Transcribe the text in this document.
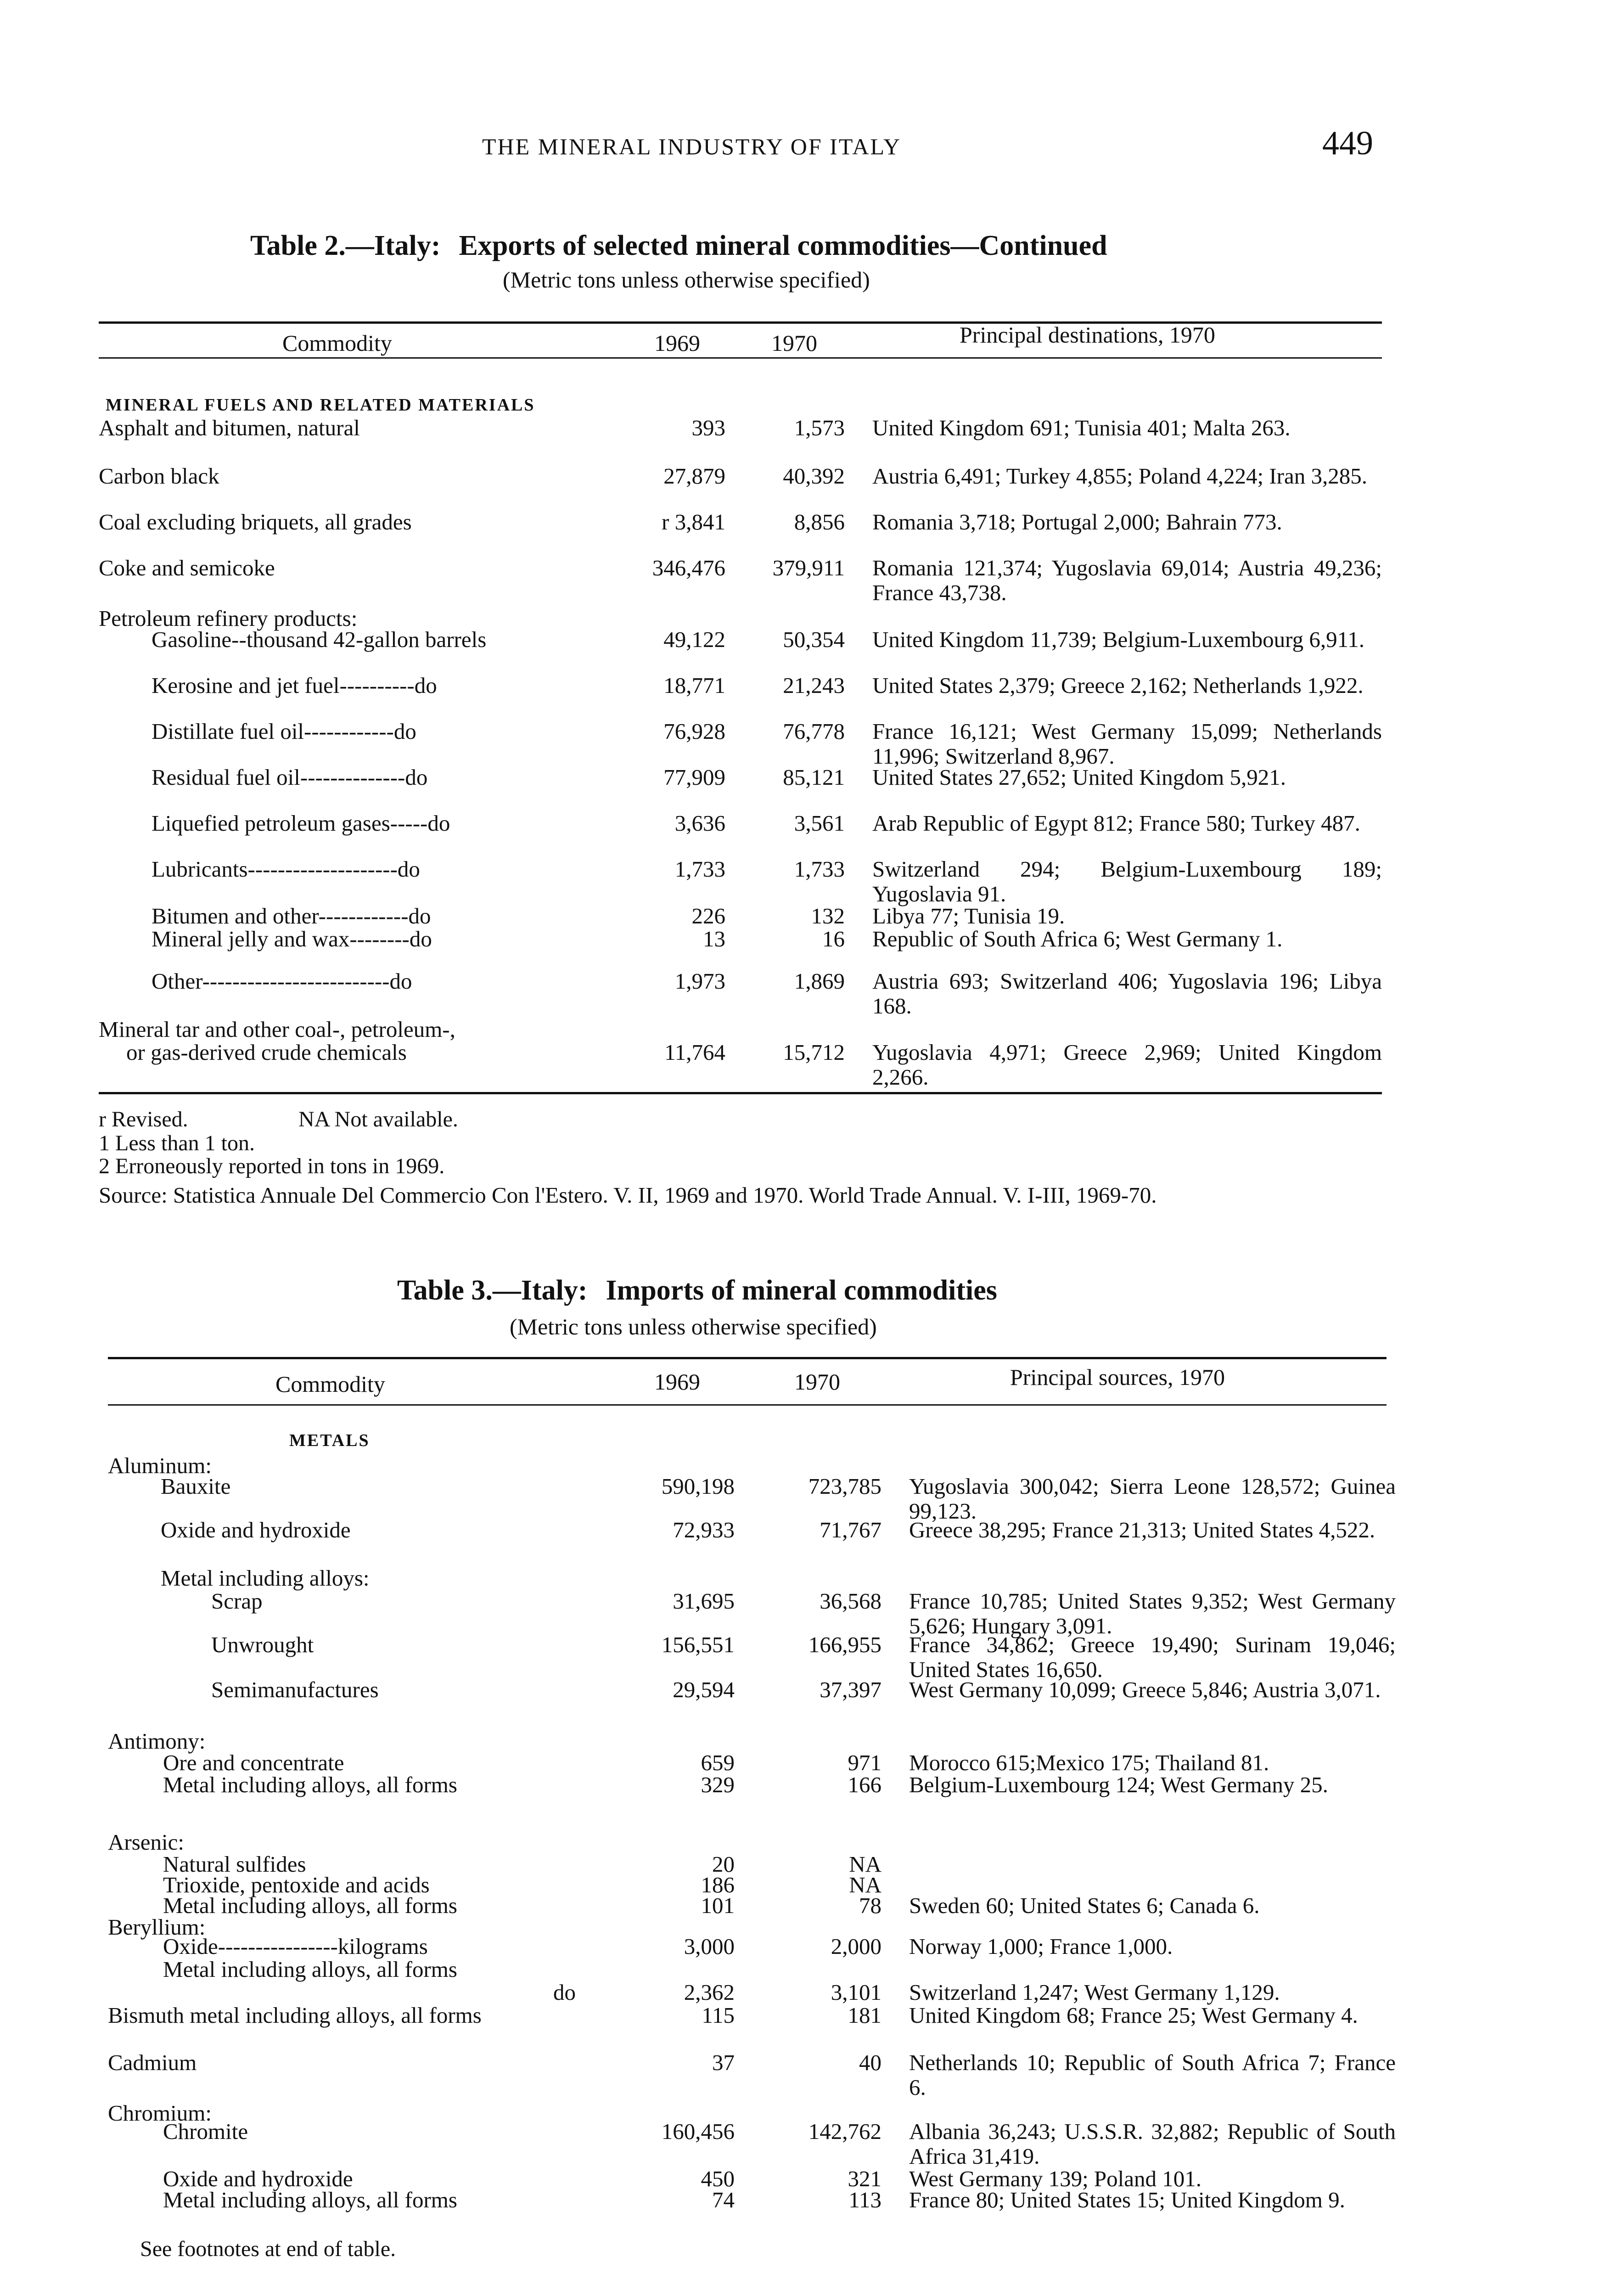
THE MINERAL INDUSTRY OF ITALY	449
Table 2.—Italy: Exports of selected mineral commodities—Continued
(Metric tons unless otherwise specified)
Commodity	1969	1970	Principal destinations, 1970
MINERAL FUELS AND RELATED MATERIALS
Asphalt and bitumen, natural	393	1,573 United Kingdom 691; Tunisia 401; Malta 263.
Carbon black	27,879	40,392 Austria 6,491; Turkey 4,855; Poland 4,224; Iran 3,285.
Coal excluding briquets, all grades	r 3,841	8,856 Romania 3,718; Portugal 2,000; Bahrain 773.
Coke and semicoke	346,476	379,911 Romania 121,374; Yugoslavia 69,014; Austria 49,236; France 43,738.
Petroleum refinery products:
Gasoline--thousand 42-gallon barrels	49,122	50,354 United Kingdom 11,739; Belgium-Luxembourg 6,911.
Kerosine and jet fuel----------do	18,771	21,243 United States 2,379; Greece 2,162; Netherlands 1,922.
Distillate fuel oil------------do	76,928	76,778 France 16,121; West Germany 15,099; Netherlands 11,996; Switzerland 8,967.
Residual fuel oil--------------do	77,909	85,121 United States 27,652; United Kingdom 5,921.
Liquefied petroleum gases-----do	3,636	3,561 Arab Republic of Egypt 812; France 580; Turkey 487.
Lubricants--------------------do	1,733	1,733 Switzerland 294; Belgium-Luxembourg 189; Yugoslavia 91.
Bitumen and other------------do	226	132 Libya 77; Tunisia 19.
Mineral jelly and wax--------do	13	16 Republic of South Africa 6; West Germany 1.
Other-------------------------do	1,973	1,869 Austria 693; Switzerland 406; Yugoslavia 196; Libya 168.
Mineral tar and other coal-, petroleum-,
or gas-derived crude chemicals	11,764	15,712 Yugoslavia 4,971; Greece 2,969; United Kingdom 2,266.
r Revised.	NA Not available.
1 Less than 1 ton.
2 Erroneously reported in tons in 1969.
Source: Statistica Annuale Del Commercio Con l'Estero. V. II, 1969 and 1970. World Trade Annual. V. I-III, 1969-70.
Table 3.—Italy: Imports of mineral commodities
(Metric tons unless otherwise specified)
Commodity	1969	1970	Principal sources, 1970
METALS
Aluminum:
Bauxite	590,198	723,785 Yugoslavia 300,042; Sierra Leone 128,572; Guinea 99,123.
Oxide and hydroxide	72,933	71,767 Greece 38,295; France 21,313; United States 4,522.
Metal including alloys:
Scrap	31,695	36,568 France 10,785; United States 9,352; West Germany 5,626; Hungary 3,091.
Unwrought	156,551	166,955 France 34,862; Greece 19,490; Surinam 19,046; United States 16,650.
Semimanufactures	29,594	37,397 West Germany 10,099; Greece 5,846; Austria 3,071.
Antimony:
Ore and concentrate	659	971 Morocco 615;Mexico 175; Thailand 81.
Metal including alloys, all forms	329	166 Belgium-Luxembourg 124; West Germany 25.
Arsenic:
Natural sulfides	20	NA
Trioxide, pentoxide and acids	186	NA
Metal including alloys, all forms	101	78 Sweden 60; United States 6; Canada 6.
Beryllium:
Oxide----------------kilograms	3,000	2,000 Norway 1,000; France 1,000.
Metal including alloys, all forms
do	2,362	3,101 Switzerland 1,247; West Germany 1,129.
Bismuth metal including alloys, all forms	115	181 United Kingdom 68; France 25; West Germany 4.
Cadmium	37	40 Netherlands 10; Republic of South Africa 7; France 6.
Chromium:
Chromite	160,456	142,762 Albania 36,243; U.S.S.R. 32,882; Republic of South Africa 31,419.
Oxide and hydroxide	450	321 West Germany 139; Poland 101.
Metal including alloys, all forms	74	113 France 80; United States 15; United Kingdom 9.
See footnotes at end of table.
